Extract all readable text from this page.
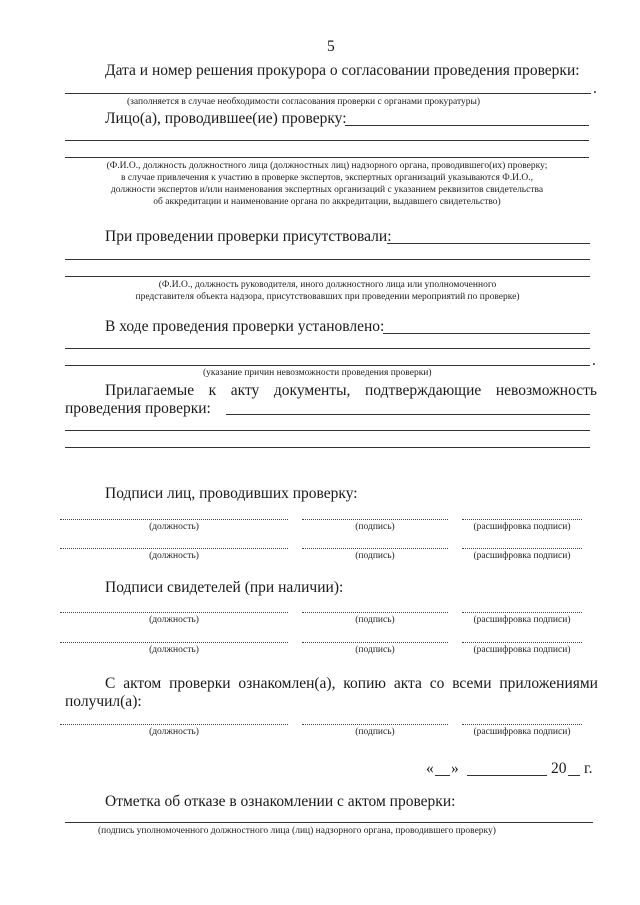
5
Дата и номер решения прокурора о согласовании проведения проверки:
.
(заполняется в случае необходимости согласования проверки с органами прокуратуры)
Лицо(а), проводившее(ие) проверку:
(Ф.И.О., должность должностного лица (должностных лиц) надзорного органа, проводившего(их) проверку;
в случае привлечения к участию в проверке экспертов, экспертных организаций указываются Ф.И.О.,
должности экспертов и/или наименования экспертных организаций с указанием реквизитов свидетельства
об аккредитации и наименование органа по аккредитации, выдавшего свидетельство)
При проведении проверки присутствовали:
(Ф.И.О., должность руководителя, иного должностного лица или уполномоченного
представителя объекта надзора, присутствовавших при проведении мероприятий по проверке)
В ходе проведения проверки установлено:
.
(указание причин невозможности проведения проверки)
Прилагаемые к акту документы, подтверждающие невозможность
проведения проверки:
Подписи лиц, проводивших проверку:
(должность)	(подпись)	(расшифровка подписи)
(должность)	(подпись)	(расшифровка подписи)
Подписи свидетелей (при наличии):
(должность)	(подпись)	(расшифровка подписи)
(должность)	(подпись)	(расшифровка подписи)
С актом проверки ознакомлен(а), копию акта со всеми приложениями
получил(а):
(должность)	(подпись)	(расшифровка подписи)
« »	20 г.
Отметка об отказе в ознакомлении с актом проверки:
(подпись уполномоченного должностного лица (лиц) надзорного органа, проводившего проверку)
